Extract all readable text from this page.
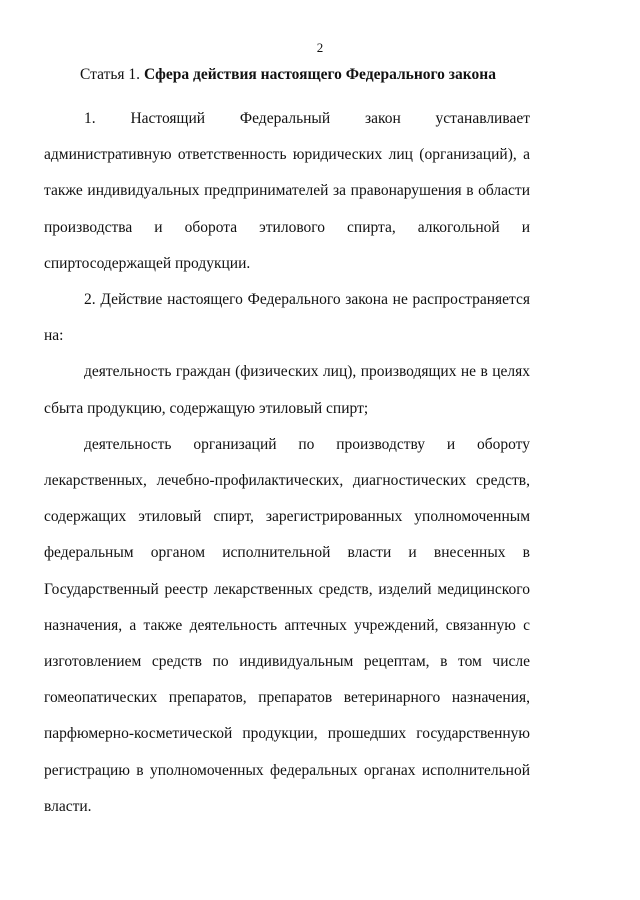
2
Статья 1. Сфера действия настоящего Федерального закона

1. Настоящий Федеральный закон устанавливает административную ответственность юридических лиц (организаций), а также индивидуальных предпринимателей за правонарушения в области производства и оборота этилового спирта, алкогольной и спиртосодержащей продукции.

2. Действие настоящего Федерального закона не распространяется на:

деятельность граждан (физических лиц), производящих не в целях сбыта продукцию, содержащую этиловый спирт;

деятельность организаций по производству и обороту лекарственных, лечебно-профилактических, диагностических средств, содержащих этиловый спирт, зарегистрированных уполномоченным федеральным органом исполнительной власти и внесенных в Государственный реестр лекарственных средств, изделий медицинского назначения, а также деятельность аптечных учреждений, связанную с изготовлением средств по индивидуальным рецептам, в том числе гомеопатических препаратов, препаратов ветеринарного назначения, парфюмерно-косметической продукции, прошедших государственную регистрацию в уполномоченных федеральных органах исполнительной власти.
